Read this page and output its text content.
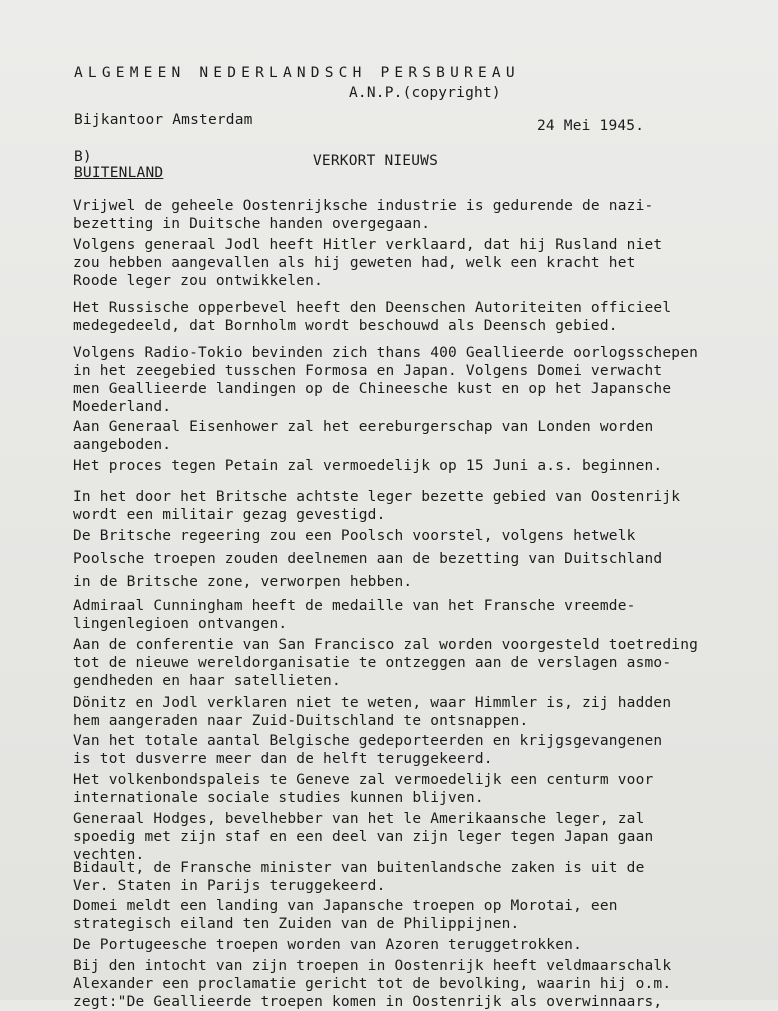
ALGEMEEN NEDERLANDSCH PERSBUREAU
A.N.P.(copyright)
Bijkantoor Amsterdam	24 Mei 1945.
B)	VERKORT NIEUWS
BUITENLAND
Vrijwel de geheele Oostenrijksche industrie is gedurende de nazi-
bezetting in Duitsche handen overgegaan.
Volgens generaal Jodl heeft Hitler verklaard, dat hij Rusland niet
zou hebben aangevallen als hij geweten had, welk een kracht het
Roode leger zou ontwikkelen.
Het Russische opperbevel heeft den Deenschen Autoriteiten officieel
medegedeeld, dat Bornholm wordt beschouwd als Deensch gebied.
Volgens Radio-Tokio bevinden zich thans 400 Geallieerde oorlogsschepen
in het zeegebied tusschen Formosa en Japan. Volgens Domei verwacht
men Geallieerde landingen op de Chineesche kust en op het Japansche
Moederland.
Aan Generaal Eisenhower zal het eereburgerschap van Londen worden
aangeboden.
Het proces tegen Petain zal vermoedelijk op 15 Juni a.s. beginnen.
In het door het Britsche achtste leger bezette gebied van Oostenrijk
wordt een militair gezag gevestigd.
De Britsche regeering zou een Poolsch voorstel, volgens hetwelk
Poolsche troepen zouden deelnemen aan de bezetting van Duitschland
in de Britsche zone, verworpen hebben.
Admiraal Cunningham heeft de medaille van het Fransche vreemde-
lingenlegioen ontvangen.
Aan de conferentie van San Francisco zal worden voorgesteld toetreding
tot de nieuwe wereldorganisatie te ontzeggen aan de verslagen asmo-
gendheden en haar satellieten.
Dönitz en Jodl verklaren niet te weten, waar Himmler is, zij hadden
hem aangeraden naar Zuid-Duitschland te ontsnappen.
Van het totale aantal Belgische gedeporteerden en krijgsgevangenen
is tot dusverre meer dan de helft teruggekeerd.
Het volkenbondspaleis te Geneve zal vermoedelijk een centurm voor
internationale sociale studies kunnen blijven.
Generaal Hodges, bevelhebber van het le Amerikaansche leger, zal
spoedig met zijn staf en een deel van zijn leger tegen Japan gaan
vechten.
Bidault, de Fransche minister van buitenlandsche zaken is uit de
Ver. Staten in Parijs teruggekeerd.
Domei meldt een landing van Japansche troepen op Morotai, een
strategisch eiland ten Zuiden van de Philippijnen.
De Portugeesche troepen worden van Azoren teruggetrokken.
Bij den intocht van zijn troepen in Oostenrijk heeft veldmaarschalk
Alexander een proclamatie gericht tot de bevolking, waarin hij o.m.
zegt:"De Geallieerde troepen komen in Oostenrijk als overwinnaars,
